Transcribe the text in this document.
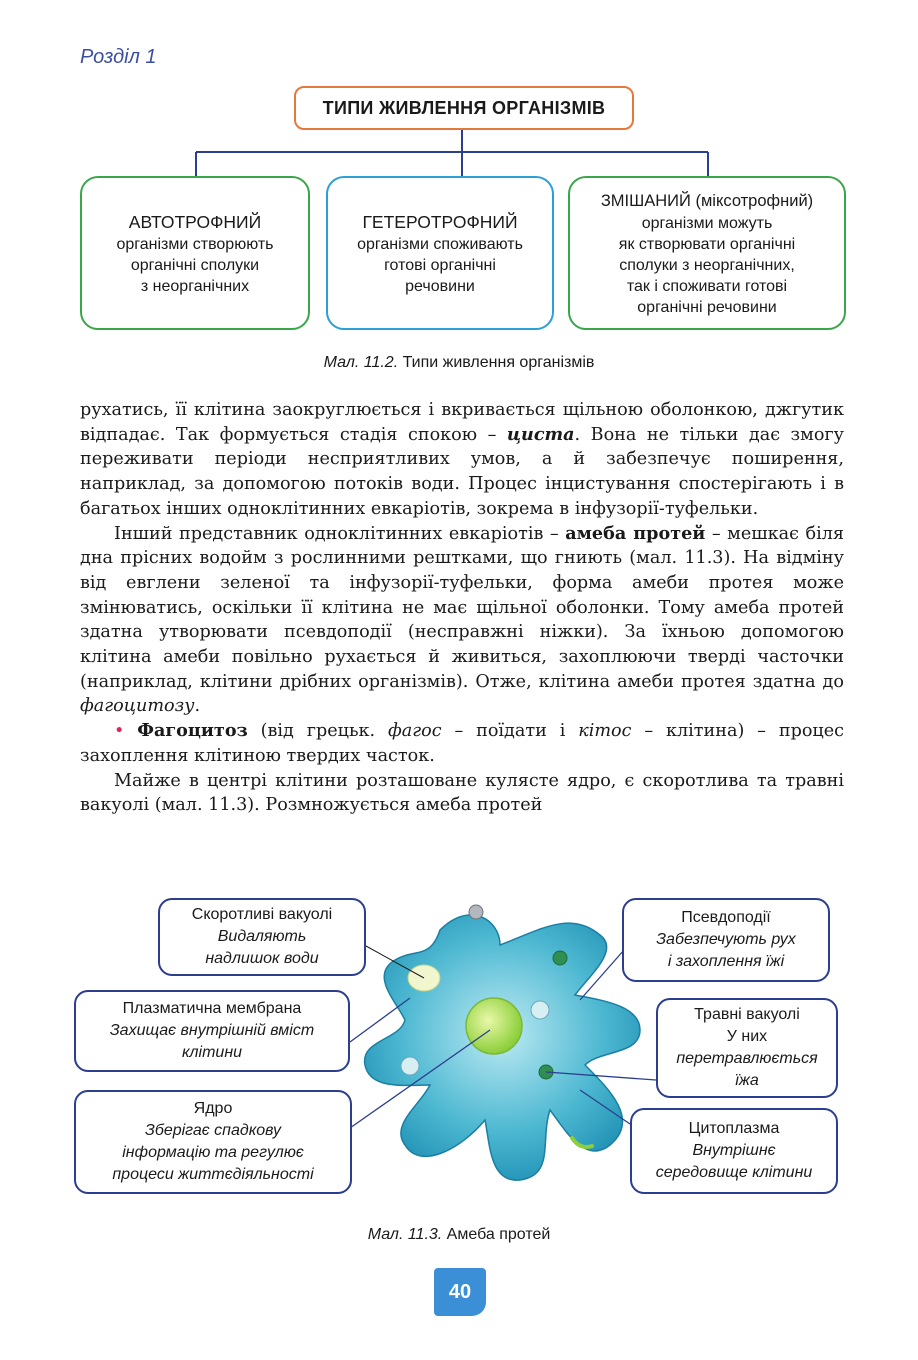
Розділ 1
ТИПИ ЖИВЛЕННЯ ОРГАНІЗМІВ
АВТОТРОФНИЙ
організми створюють
органічні сполуки
з неорганічних
ГЕТЕРОТРОФНИЙ
організми споживають
готові органічні
речовини
ЗМІШАНИЙ (міксотрофний)
організми можуть
як створювати органічні
сполуки з неорганічних,
так і споживати готові
органічні речовини
Мал. 11.2. Типи живлення організмів

рухатись, її клітина заокруглюється і вкривається щільною оболонкою, джгутик відпадає. Так формується стадія спокою – циста. Вона не тільки дає змогу переживати періоди несприятливих умов, а й забезпечує поширення, наприклад, за допомогою потоків води. Процес інцистування спостерігають і в багатьох інших одноклітинних евкаріотів, зокрема в інфузорії-туфельки.

Інший представник одноклітинних евкаріотів – амеба протей – мешкає біля дна прісних водойм з рослинними рештками, що гниють (мал. 11.3). На відміну від евглени зеленої та інфузорії-туфельки, форма амеби протея може змінюватись, оскільки її клітина не має щільної оболонки. Тому амеба протей здатна утворювати псевдоподії (несправжні ніжки). За їхньою допомогою клітина амеби повільно рухається й живиться, захоплюючи тверді часточки (наприклад, клітини дрібних організмів). Отже, клітина амеби протея здатна до фагоцитозу.

• Фагоцитоз (від грецьк. фагос – поїдати і кітос – клітина) – процес захоплення клітиною твердих часток.

Майже в центрі клітини розташоване кулясте ядро, є скоротлива та травні вакуолі (мал. 11.3). Розмножується амеба протей

Скоротливі вакуолі
Видаляють
надлишок води
Плазматична мембрана
Захищає внутрішній вміст
клітини
Ядро
Зберігає спадкову
інформацію та регулює
процеси життєдіяльності
Псевдоподії
Забезпечують рух
і захоплення їжі
Травні вакуолі
У них
перетравлюється
їжа
Цитоплазма
Внутрішнє
середовище клітини
Мал. 11.3. Амеба протей
40
